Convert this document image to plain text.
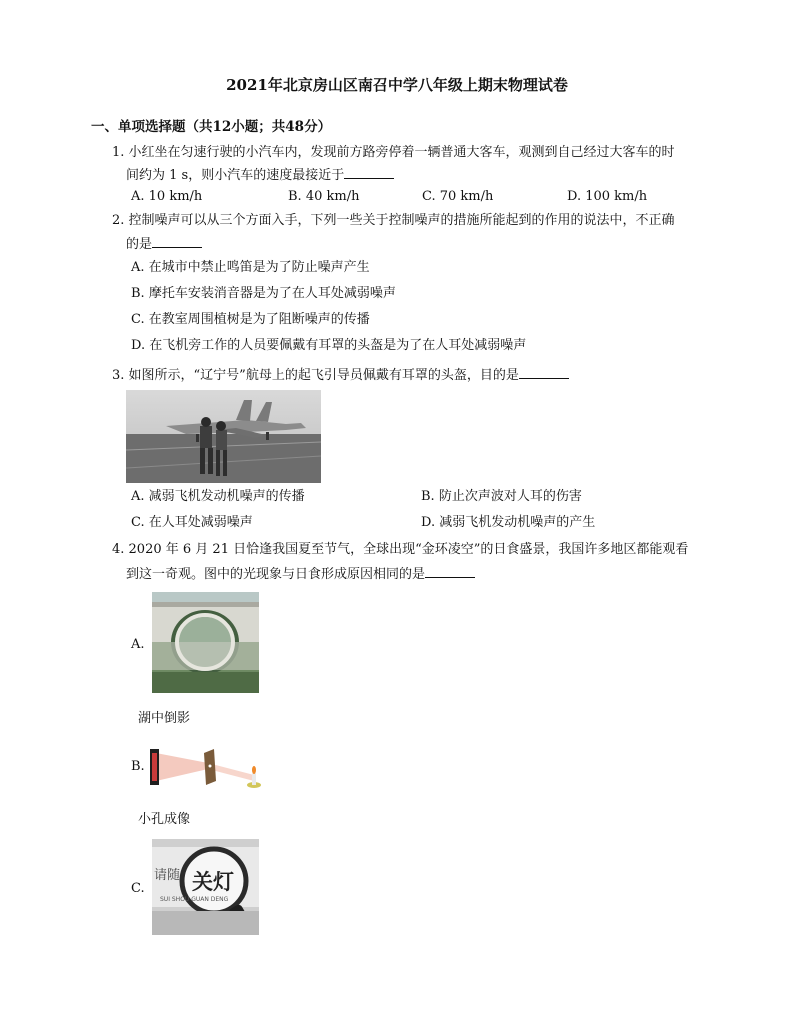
2021年北京房山区南召中学八年级上期末物理试卷
一、单项选择题（共12小题；共48分）
1. 小红坐在匀速行驶的小汽车内，发现前方路旁停着一辆普通大客车，观测到自己经过大客车的时
间约为 1 s，则小汽车的速度最接近于
A. 10 km/h	B. 40 km/h	C. 70 km/h	D. 100 km/h
2. 控制噪声可以从三个方面入手，下列一些关于控制噪声的措施所能起到的作用的说法中，不正确
的是
A. 在城市中禁止鸣笛是为了防止噪声产生
B. 摩托车安装消音器是为了在人耳处减弱噪声
C. 在教室周围植树是为了阻断噪声的传播
D. 在飞机旁工作的人员要佩戴有耳罩的头盔是为了在人耳处减弱噪声
3. 如图所示，“辽宁号”航母上的起飞引导员佩戴有耳罩的头盔，目的是
A. 减弱飞机发动机噪声的传播	B. 防止次声波对人耳的伤害
C. 在人耳处减弱噪声	D. 减弱飞机发动机噪声的产生
4. 2020 年 6 月 21 日恰逢我国夏至节气，全球出现“金环凌空”的日食盛景，我国许多地区都能观看
到这一奇观。图中的光现象与日食形成原因相同的是
A.
湖中倒影
B.
小孔成像
C.
请随 关灯
SUI SHOU GUAN DENG
